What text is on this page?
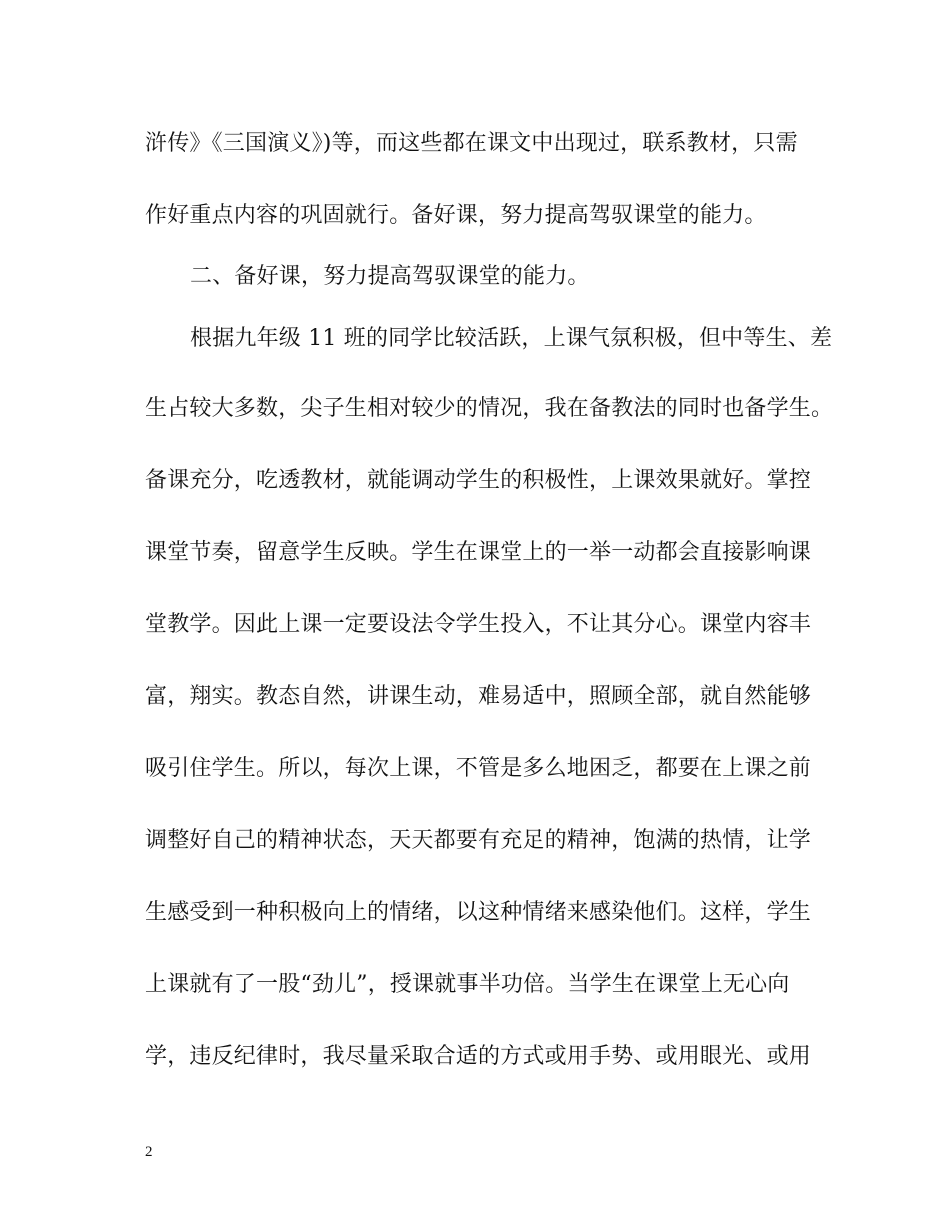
浒传》《三国演义》)等，而这些都在课文中出现过，联系教材，只需
作好重点内容的巩固就行。备好课，努力提高驾驭课堂的能力。
二、备好课，努力提高驾驭课堂的能力。
根据九年级 11 班的同学比较活跃，上课气氛积极，但中等生、差
生占较大多数，尖子生相对较少的情况，我在备教法的同时也备学生。
备课充分，吃透教材，就能调动学生的积极性，上课效果就好。掌控
课堂节奏，留意学生反映。学生在课堂上的一举一动都会直接影响课
堂教学。因此上课一定要设法令学生投入，不让其分心。课堂内容丰
富，翔实。教态自然，讲课生动，难易适中，照顾全部，就自然能够
吸引住学生。所以，每次上课，不管是多么地困乏，都要在上课之前
调整好自己的精神状态，天天都要有充足的精神，饱满的热情，让学
生感受到一种积极向上的情绪，以这种情绪来感染他们。这样，学生
上课就有了一股“劲儿”，授课就事半功倍。当学生在课堂上无心向
学，违反纪律时，我尽量采取合适的方式或用手势、或用眼光、或用
2
